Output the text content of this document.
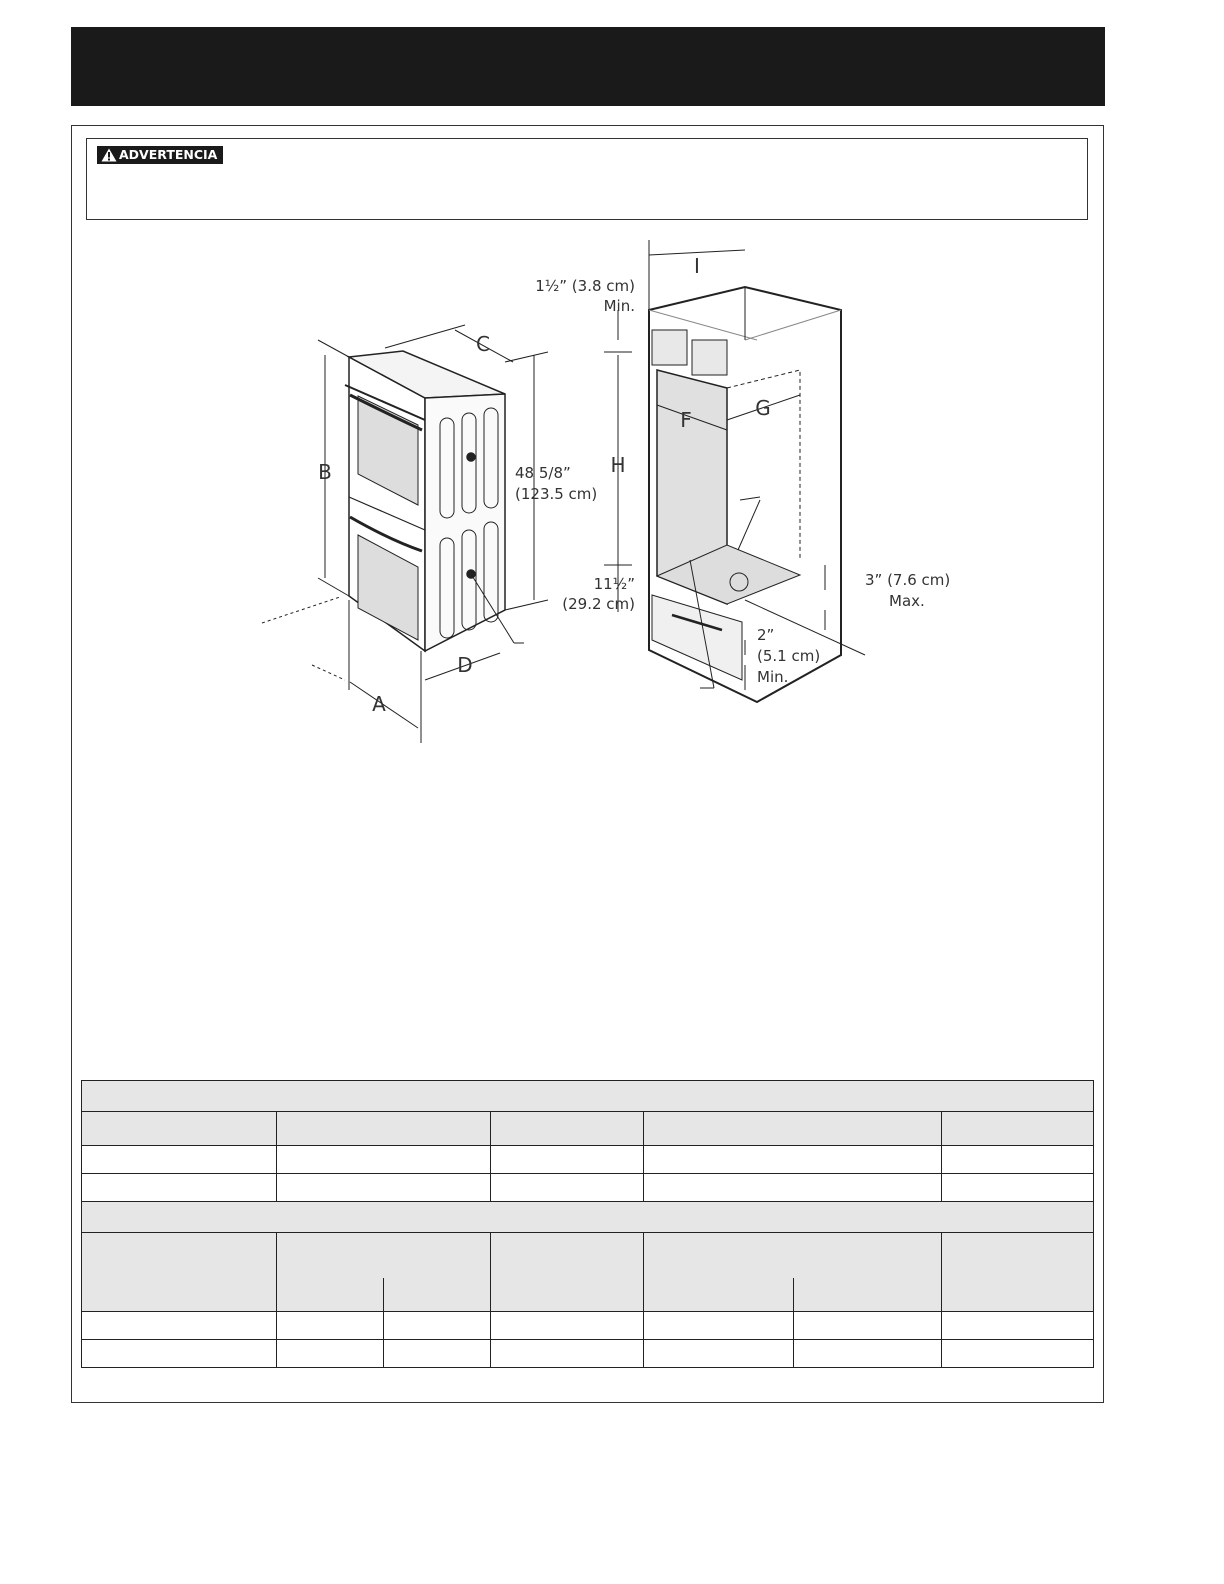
ADVERTENCIA
48 5/8”
(123.5 cm)
1½” (3.8 cm)
Min.
11½”
(29.2 cm)
3” (7.6 cm)
Max.
2”
(5.1 cm)
Min.
A
B
C
D
F	G
H
I
